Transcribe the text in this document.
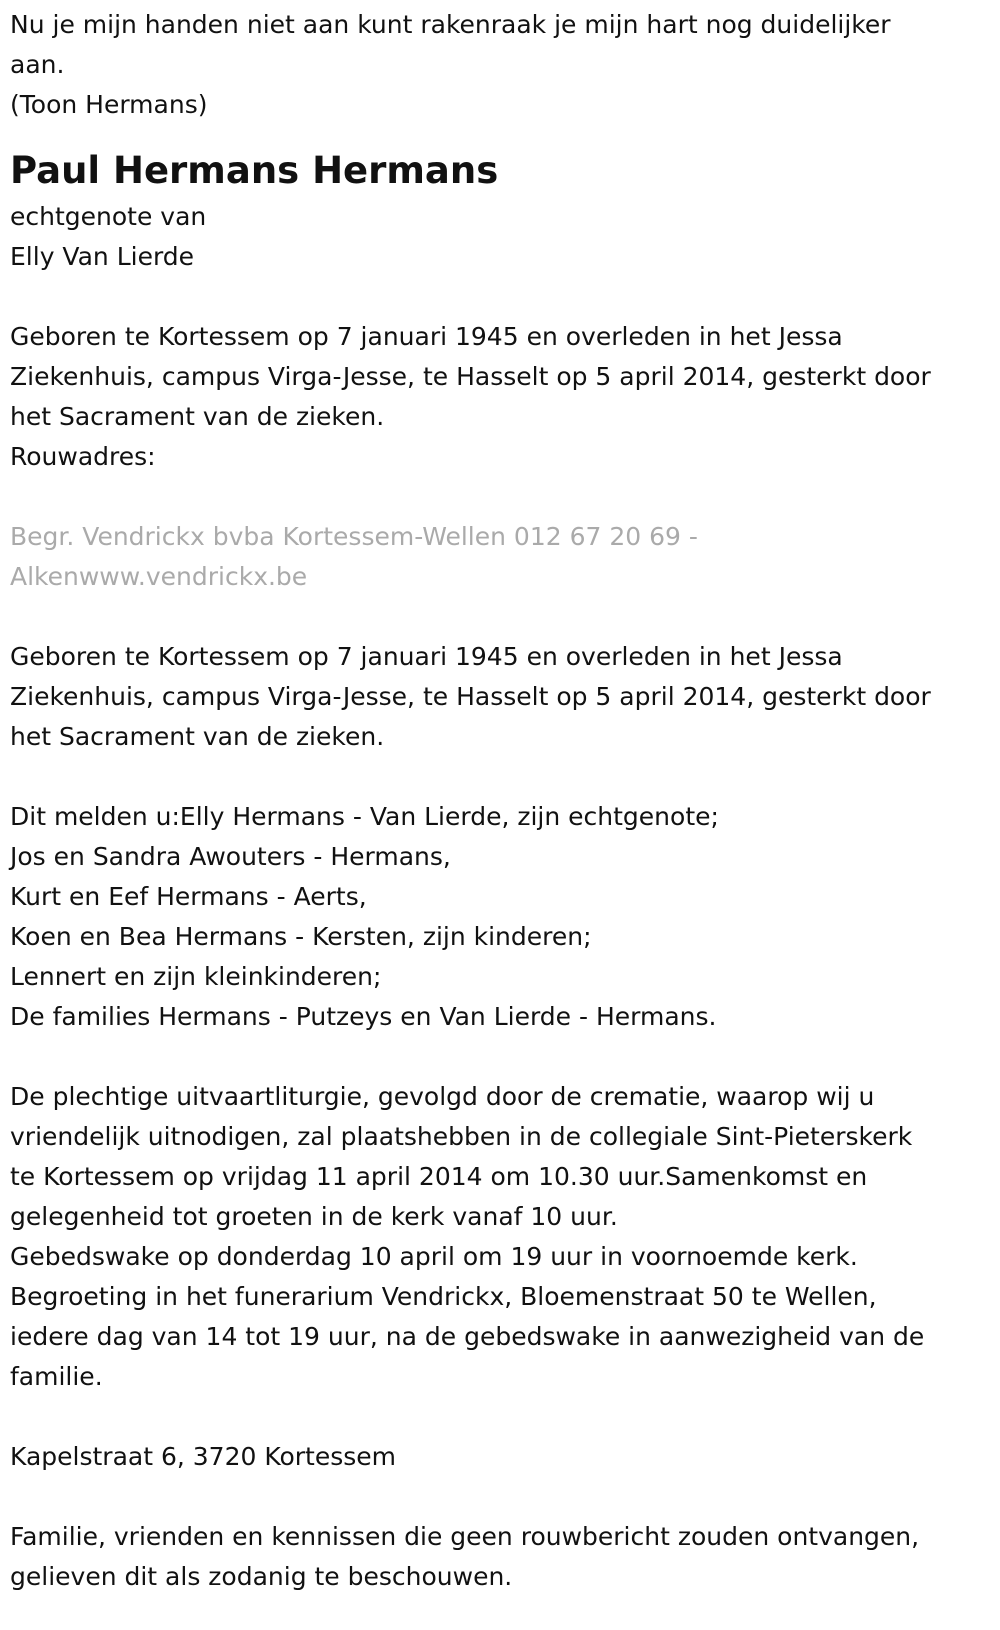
Nu je mijn handen niet aan kunt rakenraak je mijn hart nog duidelijker

aan.

(Toon Hermans)

Paul Hermans Hermans

echtgenote van

Elly Van Lierde

Geboren te Kortessem op 7 januari 1945 en overleden in het Jessa

Ziekenhuis, campus Virga-Jesse, te Hasselt op 5 april 2014, gesterkt door

het Sacrament van de zieken.

Rouwadres:

Begr. Vendrickx bvba Kortessem-Wellen 012 67 20 69 -

Alkenwww.vendrickx.be

Geboren te Kortessem op 7 januari 1945 en overleden in het Jessa

Ziekenhuis, campus Virga-Jesse, te Hasselt op 5 april 2014, gesterkt door

het Sacrament van de zieken.

Dit melden u:Elly Hermans - Van Lierde, zijn echtgenote;

Jos en Sandra Awouters - Hermans,

Kurt en Eef Hermans - Aerts,

Koen en Bea Hermans - Kersten, zijn kinderen;

Lennert en zijn kleinkinderen;

De families Hermans - Putzeys en Van Lierde - Hermans.

De plechtige uitvaartliturgie, gevolgd door de crematie, waarop wij u

vriendelijk uitnodigen, zal plaatshebben in de collegiale Sint-Pieterskerk

te Kortessem op vrijdag 11 april 2014 om 10.30 uur.Samenkomst en

gelegenheid tot groeten in de kerk vanaf 10 uur.

Gebedswake op donderdag 10 april om 19 uur in voornoemde kerk.

Begroeting in het funerarium Vendrickx, Bloemenstraat 50 te Wellen,

iedere dag van 14 tot 19 uur, na de gebedswake in aanwezigheid van de

familie.

Kapelstraat 6, 3720 Kortessem

Familie, vrienden en kennissen die geen rouwbericht zouden ontvangen,

gelieven dit als zodanig te beschouwen.
